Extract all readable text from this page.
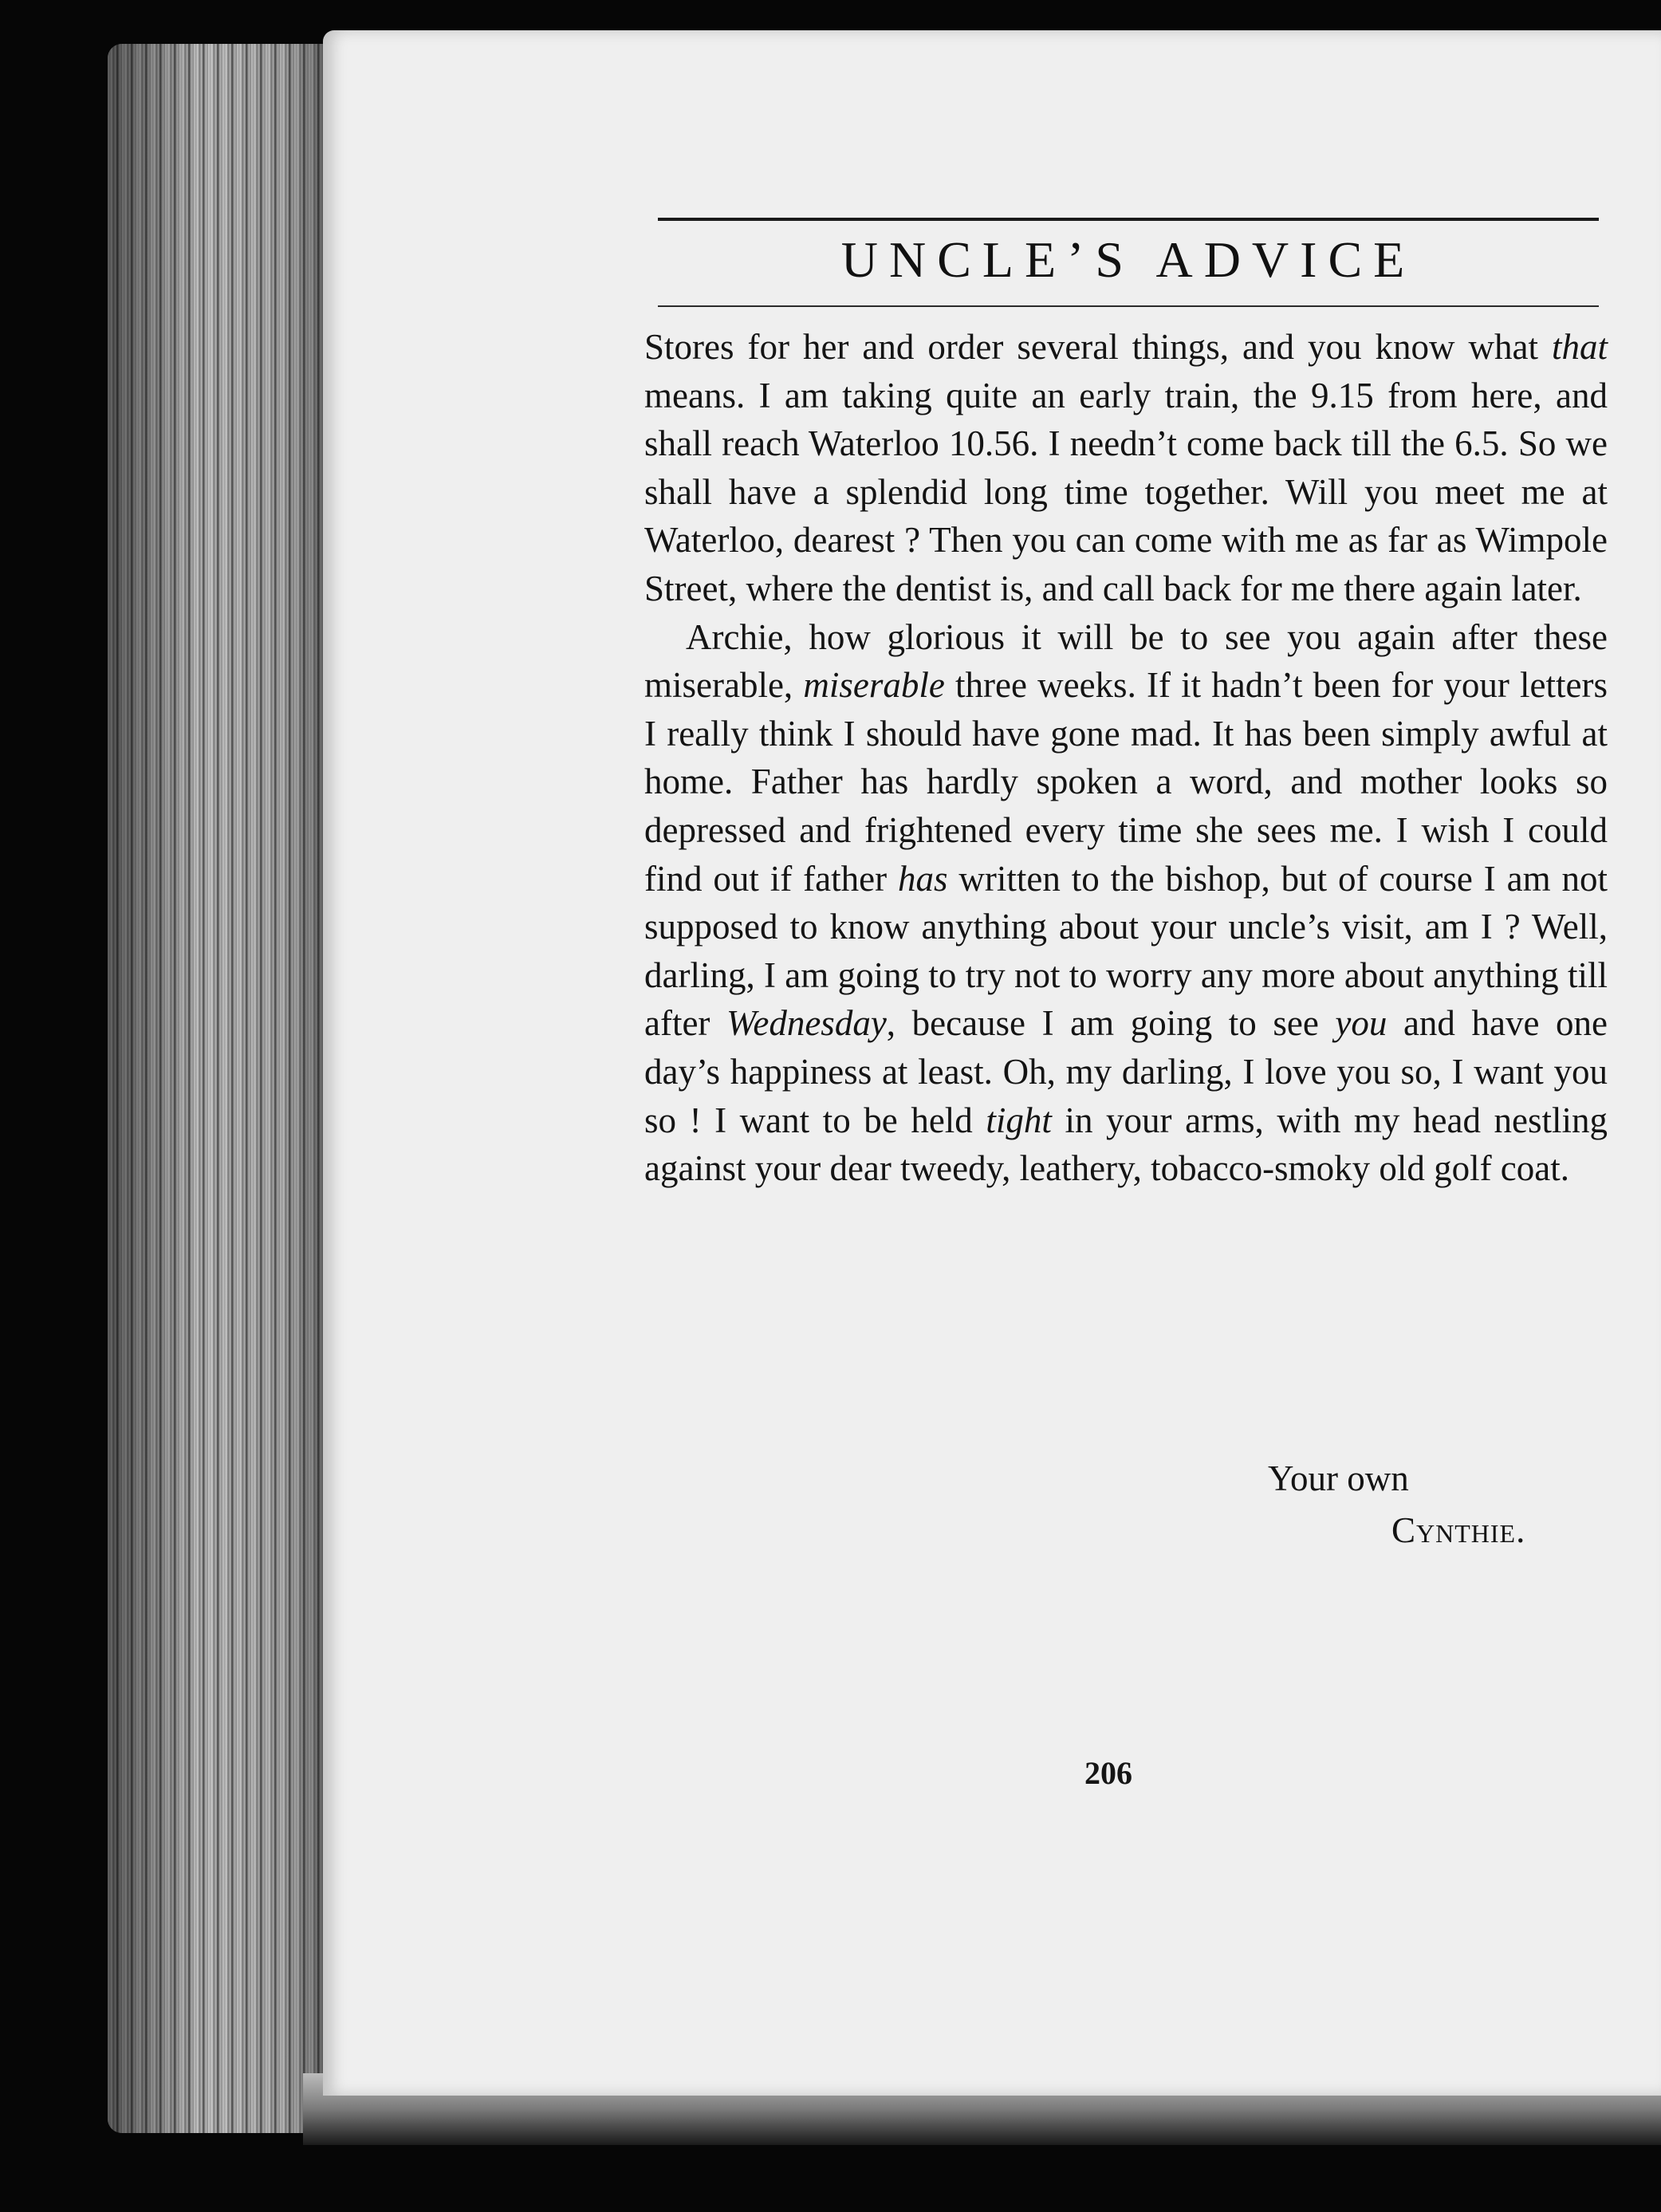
UNCLE’S ADVICE

Stores for her and order several things, and you know what that means. I am taking quite an early train, the 9.15 from here, and shall reach Waterloo 10.56. I needn’t come back till the 6.5. So we shall have a splendid long time together. Will you meet me at Waterloo, dearest ? Then you can come with me as far as Wimpole Street, where the dentist is, and call back for me there again later.

Archie, how glorious it will be to see you again after these miserable, miserable three weeks. If it hadn’t been for your letters I really think I should have gone mad. It has been simply awful at home. Father has hardly spoken a word, and mother looks so depressed and frightened every time she sees me. I wish I could find out if father has written to the bishop, but of course I am not supposed to know anything about your uncle’s visit, am I ? Well, darling, I am going to try not to worry any more about anything till after Wednesday, because I am going to see you and have one day’s happiness at least. Oh, my darling, I love you so, I want you so ! I want to be held tight in your arms, with my head nestling against your dear tweedy, leathery, tobacco-smoky old golf coat.

Your own
Cynthie.
206
